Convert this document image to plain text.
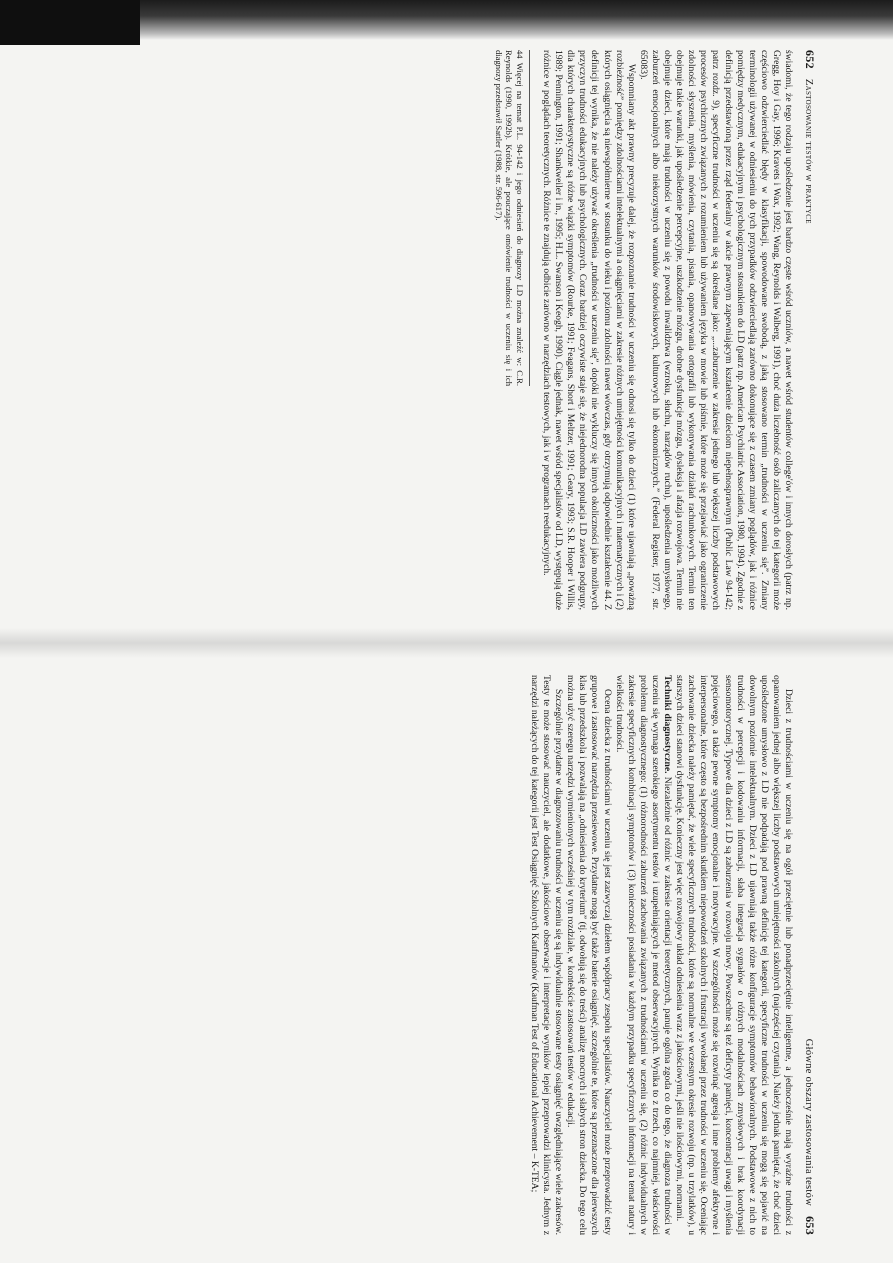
652
Zastosowanie testów w praktyce

świadomi, że tego rodzaju upośledzenie jest bardzo częste wśród uczniów, a nawet wśród studentów college'ów i innych dorosłych (patrz np. Gregg, Hoy i Gay, 1996; Kravets i Wax, 1992; Wang, Reynolds i Walberg, 1991), choć duża liczebność osób zaliczanych do tej kategorii może częściowo odzwierciedlać błędy w klasyfikacji, spowodowane swobodą, z jaką stosowano termin „trudności w uczeniu się”. Zmiany terminologii używanej w odniesieniu do tych przypadków odzwierciedlają zarówno dokonujące się z czasem zmiany poglądów, jak i różnice pomiędzy medycznym, edukacyjnym i psychologicznym stosunkiem do LD (patrz np. American Psychiatric Association, 1980, 1994). Zgodnie z definicją przedstawioną przez rząd federalny w akcie prawnym zapewniającym kształcenie dzieciom niepełnosprawnym (Public Law 94-142; patrz rozdz. 9), specyficzne trudności w uczeniu się są określane jako: „...zaburzenie w zakresie jednego lub większej liczby podstawowych procesów psychicznych związanych z rozumieniem lub używaniem języka w mowie lub piśmie, które może się przejawiać jako ograniczenie zdolności słyszenia, myślenia, mówienia, czytania, pisania, opanowywania ortografii lub wykonywania działań rachunkowych. Termin ten obejmuje takie warunki, jak upośledzenie percepcyjne, uszkodzenie mózgu, drobne dysfunkcje mózgu, dysleksja i afazja rozwojowa. Termin nie obejmuje dzieci, które mają trudności w uczeniu się z powodu inwalidztwa (wzroku, słuchu, narządów ruchu), upośledzenia umysłowego, zaburzeń emocjonalnych albo niekorzystnych warunków środowiskowych, kulturowych lub ekonomicznych.” (Federal Register, 1977, str. 65083).

Wspomniany akt prawny precyzuje dalej, że rozpoznanie trudności w uczeniu się odnosi się tylko do dzieci (1) które ujawniają „poważną rozbieżność” pomiędzy zdolnościami intelektualnymi a osiągnięciami w zakresie różnych umiejętności komunikacyjnych i matematycznych i (2) których osiągnięcia są niewspółmierne w stosunku do wieku i poziomu zdolności nawet wówczas, gdy otrzymują odpowiednie kształcenie 44. Z definicji tej wynika, że nie należy używać określenia „trudności w uczeniu się”, dopóki nie wykluczy się innych okoliczności jako możliwych przyczyn trudności edukacyjnych lub psychologicznych. Coraz bardziej oczywiste staje się, że niejednorodna populacja LD zawiera podgrupy, dla których charakterystyczne są różne wiązki symptomów (Rourke, 1991; Feagans, Short i Meltzer, 1991; Geary, 1993; S.R. Hooper i Willis, 1989; Pennington, 1991; Shankweiler i in., 1995; H.L. Swanson i Keogh, 1990). Ciągle jednak, nawet wśród specjalistów od LD, występują duże różnice w poglądach teoretycznych. Różnice te znajdują odbicie zarówno w narzędziach testowych, jak i w programach reedukacyjnych.

44 Więcej na temat P.L. 94-142 i jego odniesień do diagnozy LD można znaleźć w: C.R. Reynolds (1990, 1992b). Krótkie, ale pouczające omówienie trudności w uczeniu się i ich diagnozy przedstawił Sattler (1988, str. 596-617).

Główne obszary zastosowania testów
653

Dzieci z trudnościami w uczeniu się na ogół przeciętnie lub ponadprzeciętnie inteligentne, a jednocześnie mają wyraźne trudności z opanowaniem jednej albo większej liczby podstawowych umiejętności szkolnych (najczęściej czytania). Należy jednak pamiętać, że choć dzieci upośledzone umysłowo z LD nie podpadają pod prawną definicję tej kategorii, specyficzne trudności w uczeniu się mogą się pojawić na dowolnym poziomie intelektualnym. Dzieci z LD ujawniają także różne konfiguracje symptomów behawioralnych. Podstawowe z nich to trudności w percepcji i kodowaniu informacji, słaba integracja sygnałów o różnych modalnościach zmysłowych i brak koordynacji sensomotorycznej. Typowe dla dzieci z LD są zaburzenia w rozwoju mowy. Powszechne są też deficyty pamięci, koncentracji uwagi i myślenia pojęciowego, a także pewne symptomy emocjonalne i motywacyjne. W szczególności może się rozwinąć agresja i inne problemy afektywne i interpersonalne, które często są bezpośrednim skutkiem niepowodzeń szkolnych i frustracji wywołanej przez trudności w uczeniu się. Oceniając zachowanie dziecka należy pamiętać, że wiele specyficznych trudności, które są normalne we wczesnym okresie rozwoju (np. u trzylatków), u starszych dzieci stanowi dysfunkcję. Konieczny jest więc rozwojowy układ odniesienia wraz z jakościowymi, jeśli nie ilościowymi, normami.

Techniki diagnostyczne. Niezależnie od różnic w zakresie orientacji teoretycznych, panuje ogólna zgoda co do tego, że diagnoza trudności w uczeniu się wymaga szerokiego asortymentu testów i uzupełniających je metod obserwacyjnych. Wynika to z trzech, co najmniej, właściwości problemu diagnostycznego: (1) różnorodności zaburzeń zachowania związanych z trudnościami w uczeniu się, (2) różnic indywidualnych w zakresie specyficznych kombinacji symptomów i (3) konieczności posiadania w każdym przypadku specyficznych informacji na temat natury i wielkości trudności.

Ocena dziecka z trudnościami w uczeniu się jest zazwyczaj dziełem współpracy zespołu specjalistów. Nauczyciel może przeprowadzić testy grupowe i zastosować narzędzia przesiewowe. Przydatne mogą być także baterie osiągnięć, szczególnie te, które są przeznaczone dla pierwszych klas lub przedszkola i pozwalają na „odniesienia do kryterium” (tj. odwołują się do treści) analizę mocnych i słabych stron dziecka. Do tego celu można użyć szeregu narzędzi wymienionych wcześniej w tym rozdziale, w kontekście zastosowań testów w edukacji.

Szczególnie przydatne w diagnozowaniu trudności w uczeniu się są indywidualnie stosowane testy osiągnięć uwzględniające wiele zakresów. Testy te może stosować nauczyciel, ale dodatkowe, jakościowe obserwacje i interpretacje wyników lepiej przeprowadzi klinicysta. Jednym z narzędzi należących do tej kategorii jest Test Osiągnięć Szkolnych Kaufmanów (Kaufman Test of Educational Achievement – K-TEA;
